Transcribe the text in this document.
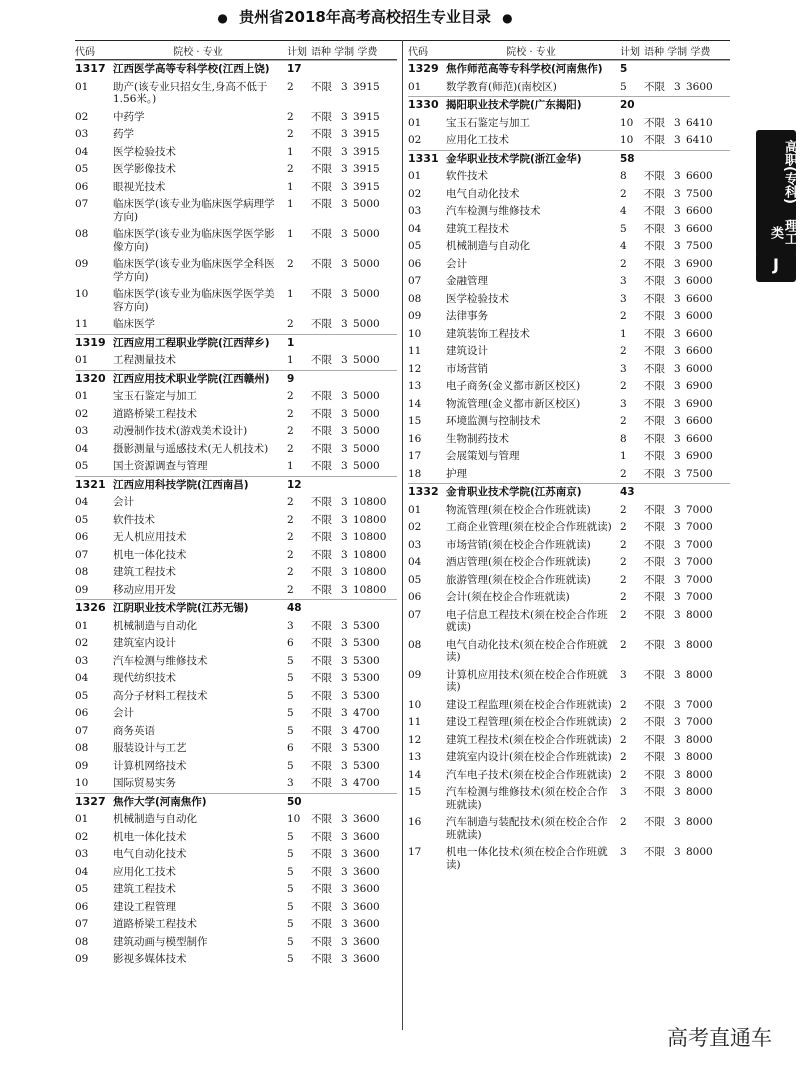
● 贵州省2018年高考高校招生专业目录 ●
代码	院校 · 专业	计划 语种 学制 学费
1317 江西医学高等专科学校(江西上饶)	17
01	助产(该专业只招女生,身高不低于1.56米。)
2	不限 3 3915
02	中药学	2	不限 3 3915
03	药学	2	不限 3 3915
04	医学检验技术	1	不限 3 3915
05	医学影像技术	2	不限 3 3915
06	眼视光技术	1	不限 3 3915
07	临床医学(该专业为临床医学病理学方向)
1	不限 3 5000
08	临床医学(该专业为临床医学医学影像方向)
1	不限 3 5000
09	临床医学(该专业为临床医学全科医学方向)
2	不限 3 5000
10	临床医学(该专业为临床医学医学美容方向)
1	不限 3 5000
11	临床医学	2	不限 3 5000
1319 江西应用工程职业学院(江西萍乡)	1
01	工程测量技术	1	不限 3 5000
1320 江西应用技术职业学院(江西赣州)	9
01	宝玉石鉴定与加工	2	不限 3 5000
02	道路桥梁工程技术	2	不限 3 5000
03	动漫制作技术(游戏美术设计)	2	不限 3 5000
04	摄影测量与遥感技术(无人机技术)	2	不限 3 5000
05	国土资源调查与管理	1	不限 3 5000
1321 江西应用科技学院(江西南昌)	12
04	会计	2	不限 3 10800
05	软件技术	2	不限 3 10800
06	无人机应用技术	2	不限 3 10800
07	机电一体化技术	2	不限 3 10800
08	建筑工程技术	2	不限 3 10800
09	移动应用开发	2	不限 3 10800
1326 江阴职业技术学院(江苏无锡)	48
01	机械制造与自动化	3	不限 3 5300
02	建筑室内设计	6	不限 3 5300
03	汽车检测与维修技术	5	不限 3 5300
04	现代纺织技术	5	不限 3 5300
05	高分子材料工程技术	5	不限 3 5300
06	会计	5	不限 3 4700
07	商务英语	5	不限 3 4700
08	服装设计与工艺	6	不限 3 5300
09	计算机网络技术	5	不限 3 5300
10	国际贸易实务	3	不限 3 4700
1327 焦作大学(河南焦作)	50
01	机械制造与自动化	10	不限 3 3600
02	机电一体化技术	5	不限 3 3600
03	电气自动化技术	5	不限 3 3600
04	应用化工技术	5	不限 3 3600
05	建筑工程技术	5	不限 3 3600
06	建设工程管理	5	不限 3 3600
07	道路桥梁工程技术	5	不限 3 3600
08	建筑动画与模型制作	5	不限 3 3600
09	影视多媒体技术	5	不限 3 3600
代码	院校 · 专业	计划 语种 学制 学费
1329 焦作师范高等专科学校(河南焦作)	5
01	数学教育(师范)(南校区)	5	不限 3 3600
1330 揭阳职业技术学院(广东揭阳)	20
01	宝玉石鉴定与加工	10	不限 3 6410
02	应用化工技术	10	不限 3 6410
1331 金华职业技术学院(浙江金华)	58
01	软件技术	8	不限 3 6600
02	电气自动化技术	2	不限 3 7500
03	汽车检测与维修技术	4	不限 3 6600
04	建筑工程技术	5	不限 3 6600
05	机械制造与自动化	4	不限 3 7500
06	会计	2	不限 3 6900
07	金融管理	3	不限 3 6000
08	医学检验技术	3	不限 3 6600
09	法律事务	2	不限 3 6000
10	建筑装饰工程技术	1	不限 3 6600
11	建筑设计	2	不限 3 6600
12	市场营销	3	不限 3 6000
13	电子商务(金义都市新区校区)	2	不限 3 6900
14	物流管理(金义都市新区校区)	3	不限 3 6900
15	环境监测与控制技术	2	不限 3 6600
16	生物制药技术	8	不限 3 6600
17	会展策划与管理	1	不限 3 6900
18	护理	2	不限 3 7500
1332 金肯职业技术学院(江苏南京)	43
01	物流管理(须在校企合作班就读)	2	不限 3 7000
02	工商企业管理(须在校企合作班就读) 2	不限 3 7000
03	市场营销(须在校企合作班就读)	2	不限 3 7000
04	酒店管理(须在校企合作班就读)	2	不限 3 7000
05	旅游管理(须在校企合作班就读)	2	不限 3 7000
06	会计(须在校企合作班就读)	2	不限 3 7000
07	电子信息工程技术(须在校企合作班就读)
2	不限 3 8000
08	电气自动化技术(须在校企合作班就读)
2	不限 3 8000
09	计算机应用技术(须在校企合作班就读)
3	不限 3 8000
10	建设工程监理(须在校企合作班就读) 2	不限 3 7000
11	建设工程管理(须在校企合作班就读) 2	不限 3 7000
12	建筑工程技术(须在校企合作班就读) 2	不限 3 8000
13	建筑室内设计(须在校企合作班就读) 2	不限 3 8000
14	汽车电子技术(须在校企合作班就读) 2	不限 3 8000
15	汽车检测与维修技术(须在校企合作班就读)
3	不限 3 8000
16	汽车制造与装配技术(须在校企合作班就读)
2	不限 3 8000
17	机电一体化技术(须在校企合作班就读)
3	不限 3 8000
高职(专科)
理工类
J
高考直通车
